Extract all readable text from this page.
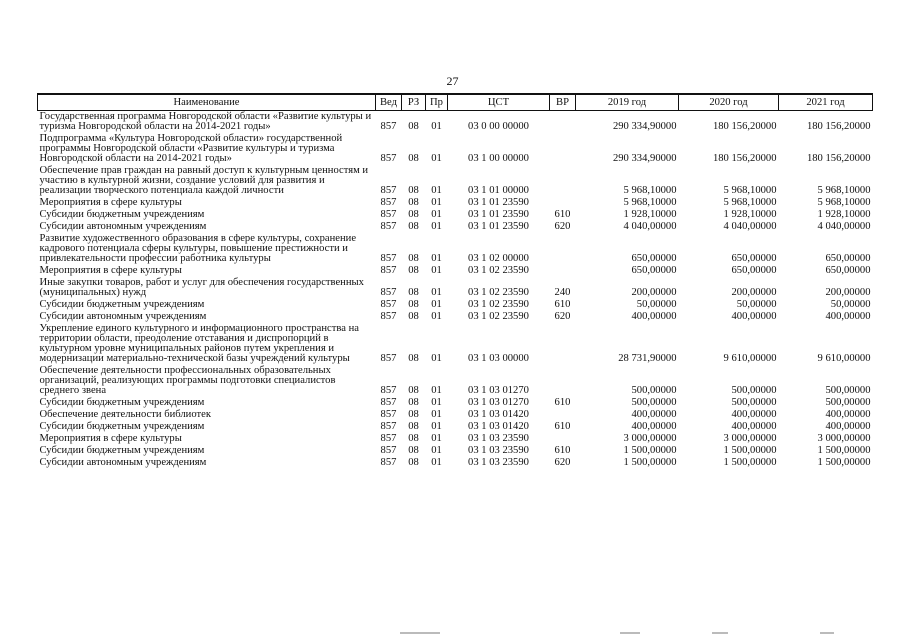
27
Наименование	Вед	РЗ	Пр	ЦСТ	ВР	2019 год	2020 год	2021 год
Государственная программа Новгородской области «Развитие культуры и туризма Новгородской области на 2014-2021 годы»	857	08	01	03 0 00 00000		290 334,90000	180 156,20000	180 156,20000
Подпрограмма «Культура Новгородской области» государственной программы Новгородской области «Развитие культуры и туризма Новгородской области на 2014-2021 годы»	857	08	01	03 1 00 00000		290 334,90000	180 156,20000	180 156,20000
Обеспечение прав граждан на равный доступ к культурным ценностям и участию в культурной жизни, создание условий для развития и реализации творческого потенциала каждой личности	857	08	01	03 1 01 00000		5 968,10000	5 968,10000	5 968,10000
Мероприятия в сфере культуры	857	08	01	03 1 01 23590		5 968,10000	5 968,10000	5 968,10000
Субсидии бюджетным учреждениям	857	08	01	03 1 01 23590	610	1 928,10000	1 928,10000	1 928,10000
Субсидии автономным учреждениям	857	08	01	03 1 01 23590	620	4 040,00000	4 040,00000	4 040,00000
Развитие художественного образования в сфере культуры, сохранение кадрового потенциала сферы культуры, повышение престижности и привлекательности профессии работника культуры	857	08	01	03 1 02 00000		650,00000	650,00000	650,00000
Мероприятия в сфере культуры	857	08	01	03 1 02 23590		650,00000	650,00000	650,00000
Иные закупки товаров, работ и услуг для обеспечения государственных (муниципальных) нужд	857	08	01	03 1 02 23590	240	200,00000	200,00000	200,00000
Субсидии бюджетным учреждениям	857	08	01	03 1 02 23590	610	50,00000	50,00000	50,00000
Субсидии автономным учреждениям	857	08	01	03 1 02 23590	620	400,00000	400,00000	400,00000
Укрепление единого культурного и информационного пространства на территории области, преодоление отставания и диспропорций в культурном уровне муниципальных районов путем укрепления и модернизации материально-технической базы учреждений культуры	857	08	01	03 1 03 00000		28 731,90000	9 610,00000	9 610,00000
Обеспечение деятельности профессиональных образовательных организаций, реализующих программы подготовки специалистов среднего звена	857	08	01	03 1 03 01270		500,00000	500,00000	500,00000
Субсидии бюджетным учреждениям	857	08	01	03 1 03 01270	610	500,00000	500,00000	500,00000
Обеспечение деятельности библиотек	857	08	01	03 1 03 01420		400,00000	400,00000	400,00000
Субсидии бюджетным учреждениям	857	08	01	03 1 03 01420	610	400,00000	400,00000	400,00000
Мероприятия в сфере культуры	857	08	01	03 1 03 23590		3 000,00000	3 000,00000	3 000,00000
Субсидии бюджетным учреждениям	857	08	01	03 1 03 23590	610	1 500,00000	1 500,00000	1 500,00000
Субсидии автономным учреждениям	857	08	01	03 1 03 23590	620	1 500,00000	1 500,00000	1 500,00000
